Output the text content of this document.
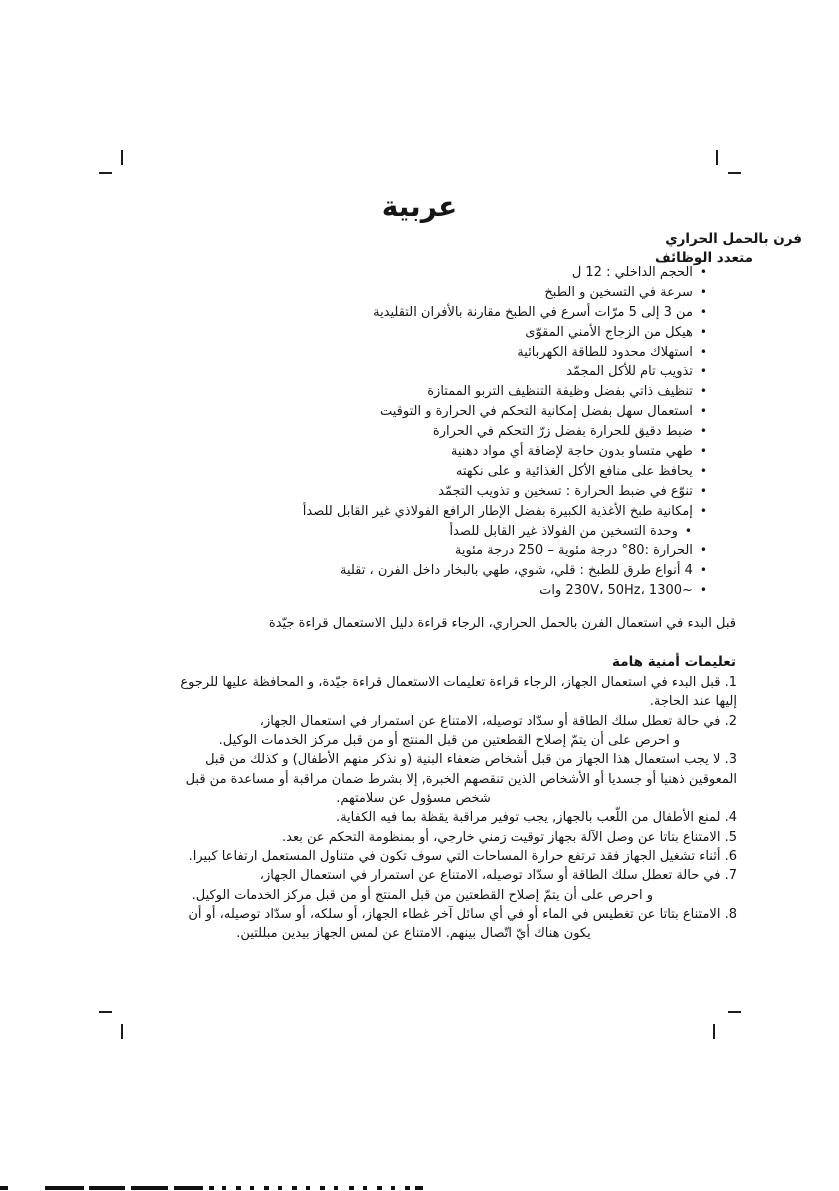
عربية
فرن بالحمل الحراري
متعدد الوظائف
•الحجم الداخلي : 12 ل
•سرعة في التسخين و الطبخ
•من 3 إلى 5 مرّات أسرع في الطبخ مقارنة بالأفران التقليدية
•هيكل من الزجاج الأمني المقوّى
•استهلاك محدود للطاقة الكهربائية
•تذويب تام للأكل المجمّد
•تنظيف ذاتي بفضل وظيفة التنظيف التربو الممتازة
•استعمال سهل بفضل إمكانية التحكم في الحرارة و التوقيت
•ضبط دقيق للحرارة بفضل زرّ التحكم في الحرارة
•طهي متساو بدون حاجة لإضافة أي مواد دهنية
•يحافظ على منافع الأكل الغذائية و على نكهته
•تنوّع في ضبط الحرارة : تسخين و تذويب التجمّد
•إمكانية طبخ الأغذية الكبيرة بفضل الإطار الرافع الفولاذي غير القابل للصدأ
•وحدة التسخين من الفولاذ غير القابل للصدأ
•الحرارة :80° درجة مئوية – 250 درجة مئوية
•4 أنواع طرق للطبخ : قلي، شوي، طهي بالبخار داخل الفرن ، تقلية
•~230V، 50Hz، 1300 وات
قبل البدء في استعمال الفرن بالحمل الحراري، الرجاء قراءة دليل الاستعمال قراءة جيّدة
تعليمات أمنية هامة
1. قبل البدء في استعمال الجهاز، الرجاء قراءة تعليمات الاستعمال قراءة جيّدة، و المحافظة عليها للرجوع
إليها عند الحاجة.
2. في حالة تعطل سلك الطاقة أو سدّاد توصيله، الامتناع عن استمرار في استعمال الجهاز،
و احرص على أن يتمّ إصلاح القطعتين من قبل المنتج أو من قبل مركز الخدمات الوكيل.
3. لا يجب استعمال هذا الجهاز من قبل أشخاص ضعفاء البنية (و نذكر منهم الأطفال) و كذلك من قبل
المعوقين ذهنيا أو جسديا أو الأشخاص الذين تنقصهم الخبرة, إلا بشرط ضمان مراقبة أو مساعدة من قبل
شخص مسؤول عن سلامتهم.
4. لمنع الأطفال من اللّعب بالجهاز, يجب توفير مراقبة يقظة بما فيه الكفاية.
5. الامتناع بتاتا عن وصل الآلة بجهاز توقيت زمني خارجي، أو بمنظومة التحكم عن بعد.
6. أثناء تشغيل الجهاز فقد ترتفع حرارة المساحات التي سوف تكون في متناول المستعمل ارتفاعا كبيرا.
7. في حالة تعطل سلك الطاقة أو سدّاد توصيله، الامتناع عن استمرار في استعمال الجهاز،
و احرص على أن يتمّ إصلاح القطعتين من قبل المنتج أو من قبل مركز الخدمات الوكيل.
8. الامتناع بتاتا عن تغطيس في الماء أو في أي سائل آخر غطاء الجهاز، أو سلكه، أو سدّاد توصيله، أو أن
يكون هناك أيّ اتّصال بينهم. الامتناع عن لمس الجهاز بيدين مبللتين.
